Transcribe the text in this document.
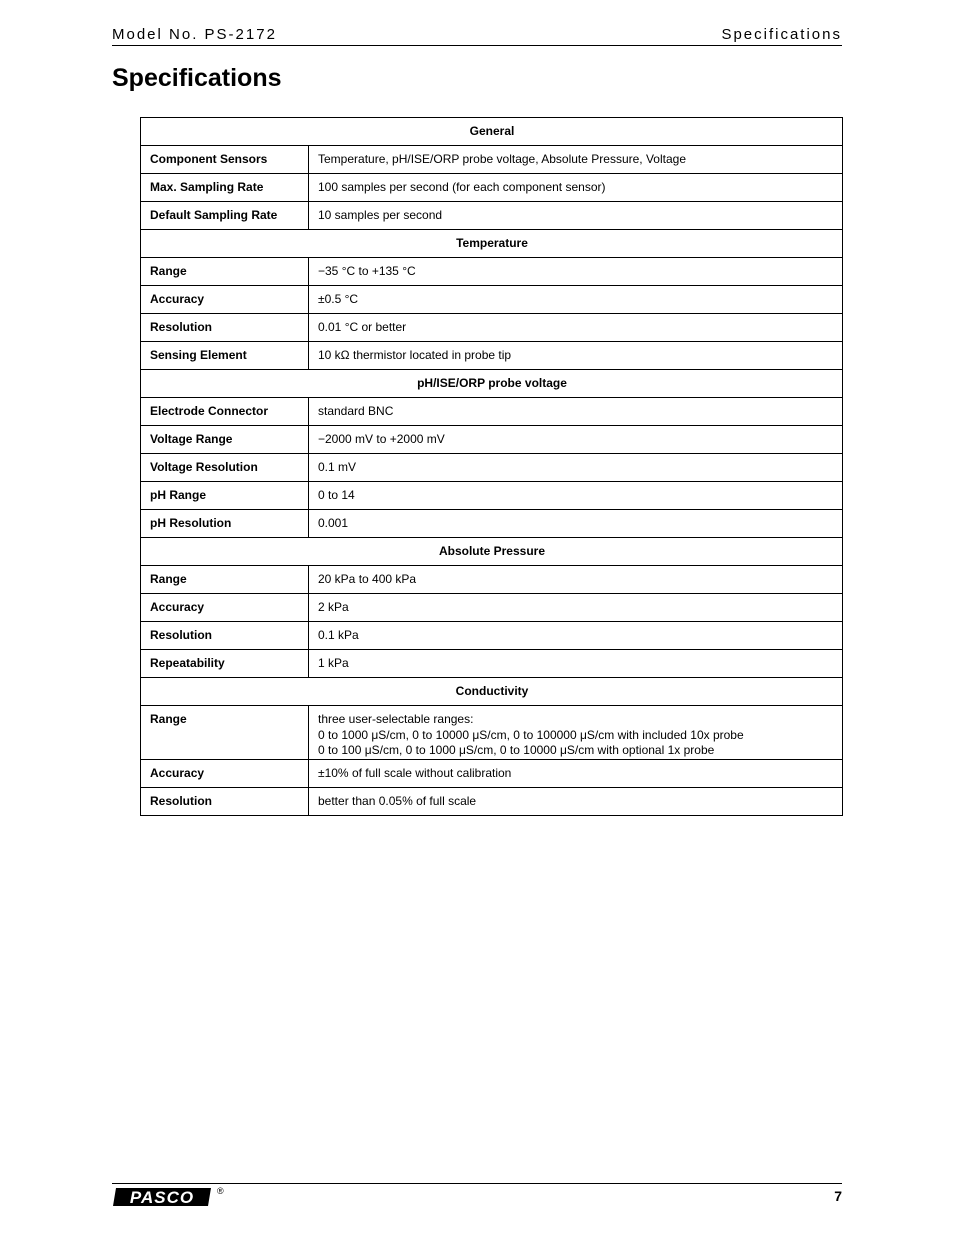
Model No. PS-2172	Specifications
Specifications
General	
Component Sensors	Temperature, pH/ISE/ORP probe voltage, Absolute Pressure, Voltage

Max. Sampling Rate	100 samples per second (for each component sensor)

Default Sampling Rate	10 samples per second

Temperature	
Range	−35 °C to +135 °C

Accuracy	±0.5 °C

Resolution	0.01 °C or better

Sensing Element	10 kΩ thermistor located in probe tip

pH/ISE/ORP probe voltage	
Electrode Connector	standard BNC

Voltage Range	−2000 mV to +2000 mV

Voltage Resolution	0.1 mV

pH Range	0 to 14

pH Resolution	0.001

Absolute Pressure	
Range	20 kPa to 400 kPa

Accuracy	2 kPa

Resolution	0.1 kPa

Repeatability	1 kPa

Conductivity	
Range	three user-selectable ranges:
0 to 1000 μS/cm, 0 to 10000 μS/cm, 0 to 100000 μS/cm with included 10x probe
0 to 100 μS/cm, 0 to 1000 μS/cm, 0 to 10000 μS/cm with optional 1x probe

Accuracy	±10% of full scale without calibration

Resolution	better than 0.05% of full scale
PASCO	®	7
